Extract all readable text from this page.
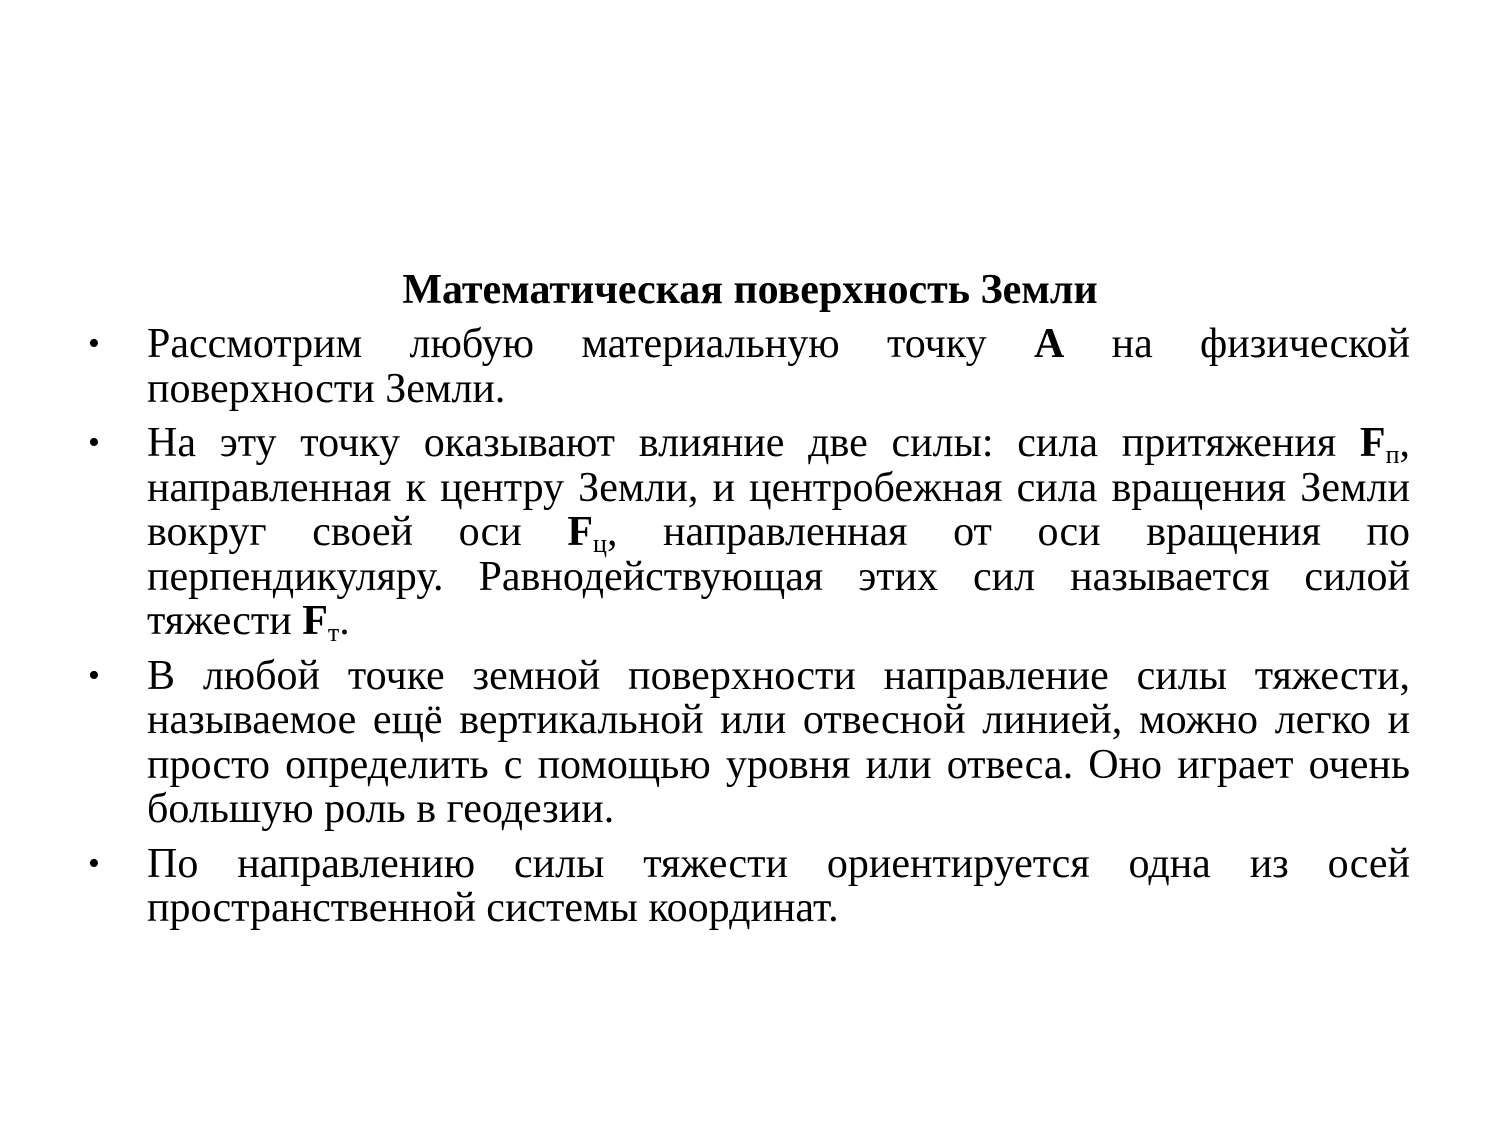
Математическая поверхность Земли
• Рассмотрим любую материальную точку A на физической поверхности Земли.
• На эту точку оказывают влияние две силы: сила притяжения $F_п$, направленная к центру Земли, и центробежная сила вращения Земли вокруг своей оси $F_ц$, направленная от оси вращения по перпендикуляру. Равнодействующая этих сил называется силой тяжести $F_т$.
• В любой точке земной поверхности направление силы тяжести, называемое ещё вертикальной или отвесной линией, можно легко и просто определить с помощью уровня или отвеса. Оно играет очень большую роль в геодезии.
• По направлению силы тяжести ориентируется одна из осей пространственной системы координат.
